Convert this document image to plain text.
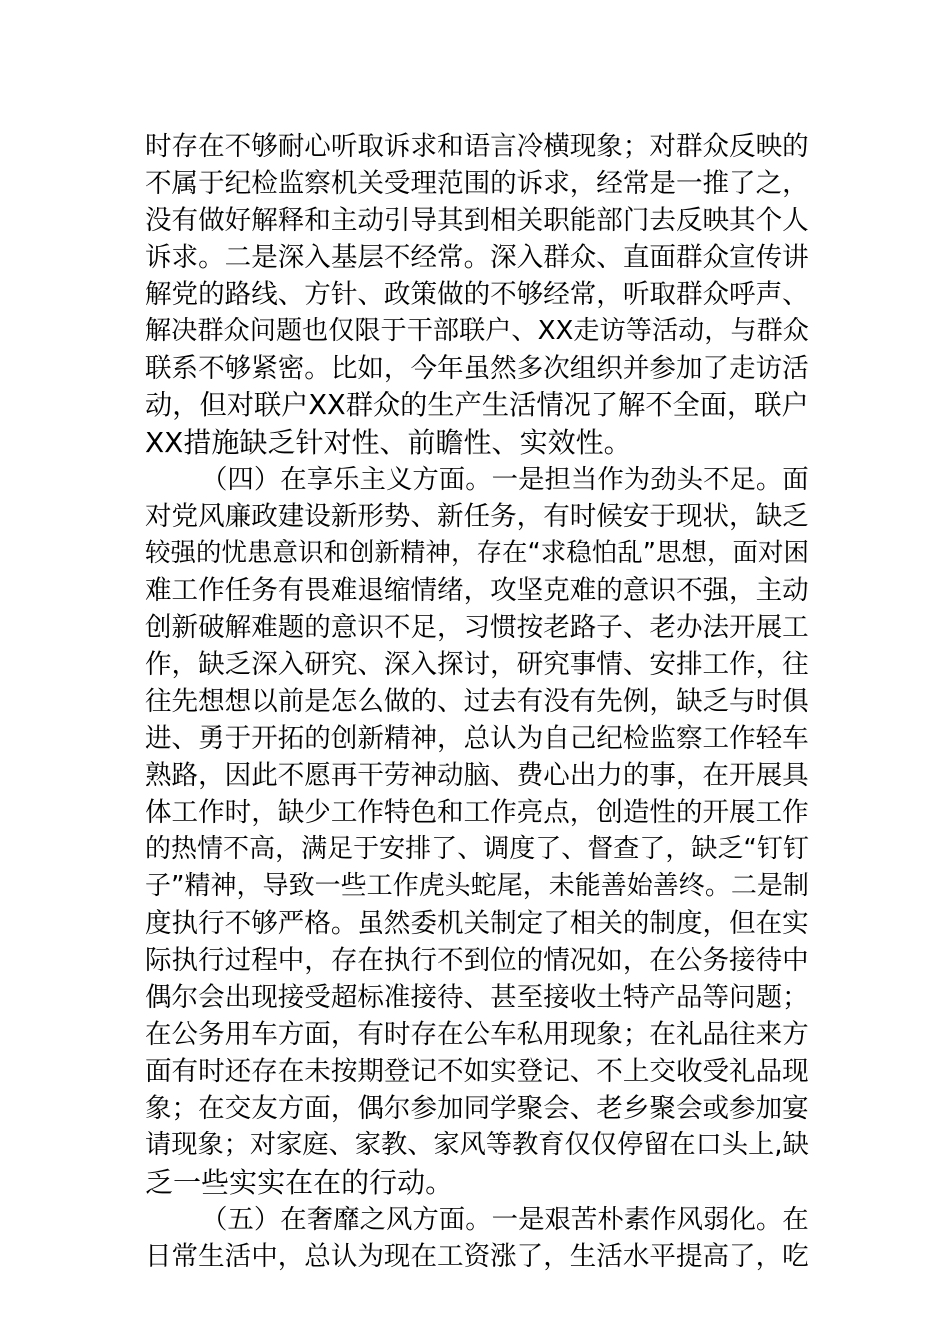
时 存 在 不 够 耐 心 听 取 诉 求 和 语 言 冷 横 现 象 ； 对 群 众 反 映 的
不 属 于 纪 检 监 察 机 关 受 理 范 围 的 诉 求 ， 经 常 是 一 推 了 之 ，
没 有 做 好 解 释 和 主 动 引 导 其 到 相 关 职 能 部 门 去 反 映 其 个 人
诉 求 。 二 是 深 入 基 层 不 经 常 。 深 入 群 众 、 直 面 群 众 宣 传 讲
解 党 的 路 线 、 方 针 、 政 策 做 的 不 够 经 常 ， 听 取 群 众 呼 声 、
解 决 群 众 问 题 也 仅 限 于 干 部 联 户 、 XX 走 访 等 活 动 ， 与 群 众
联 系 不 够 紧 密 。 比 如 ， 今 年 虽 然 多 次 组 织 并 参 加 了 走 访 活
动 ， 但 对 联 户 XX 群 众 的 生 产 生 活 情 况 了 解 不 全 面 ， 联 户
XX 措 施 缺 乏 针 对 性 、 前 瞻 性 、 实 效 性 。
（ 四 ） 在 享 乐 主 义 方 面 。 一 是 担 当 作 为 劲 头 不 足 。 面
对 党 风 廉 政 建 设 新 形 势 、 新 任 务 ， 有 时 候 安 于 现 状 ， 缺 乏
较 强 的 忧 患 意 识 和 创 新 精 神 ， 存 在 “ 求 稳 怕 乱 ” 思 想 ， 面 对 困
难 工 作 任 务 有 畏 难 退 缩 情 绪 ， 攻 坚 克 难 的 意 识 不 强 ， 主 动
创 新 破 解 难 题 的 意 识 不 足 ， 习 惯 按 老 路 子 、 老 办 法 开 展 工
作 ， 缺 乏 深 入 研 究 、 深 入 探 讨 ， 研 究 事 情 、 安 排 工 作 ， 往
往 先 想 想 以 前 是 怎 么 做 的 、 过 去 有 没 有 先 例 ， 缺 乏 与 时 俱
进 、 勇 于 开 拓 的 创 新 精 神 ， 总 认 为 自 己 纪 检 监 察 工 作 轻 车
熟 路 ， 因 此 不 愿 再 干 劳 神 动 脑 、 费 心 出 力 的 事 ， 在 开 展 具
体 工 作 时 ， 缺 少 工 作 特 色 和 工 作 亮 点 ， 创 造 性 的 开 展 工 作
的 热 情 不 高 ， 满 足 于 安 排 了 、 调 度 了 、 督 查 了 ， 缺 乏 “ 钉 钉
子 ” 精 神 ， 导 致 一 些 工 作 虎 头 蛇 尾 ， 未 能 善 始 善 终 。 二 是 制
度 执 行 不 够 严 格 。 虽 然 委 机 关 制 定 了 相 关 的 制 度 ， 但 在 实
际 执 行 过 程 中 ， 存 在 执 行 不 到 位 的 情 况 如 ， 在 公 务 接 待 中
偶 尔 会 出 现 接 受 超 标 准 接 待 、 甚 至 接 收 土 特 产 品 等 问 题 ；
在 公 务 用 车 方 面 ， 有 时 存 在 公 车 私 用 现 象 ； 在 礼 品 往 来 方
面 有 时 还 存 在 未 按 期 登 记 不 如 实 登 记 、 不 上 交 收 受 礼 品 现
象 ； 在 交 友 方 面 ， 偶 尔 参 加 同 学 聚 会 、 老 乡 聚 会 或 参 加 宴
请 现 象 ； 对 家 庭 、 家 教 、 家 风 等 教 育 仅 仅 停 留 在 口 头 上 , 缺
乏 一 些 实 实 在 在 的 行 动 。
（ 五 ） 在 奢 靡 之 风 方 面 。 一 是 艰 苦 朴 素 作 风 弱 化 。 在
日 常 生 活 中 ， 总 认 为 现 在 工 资 涨 了 ， 生 活 水 平 提 高 了 ， 吃
